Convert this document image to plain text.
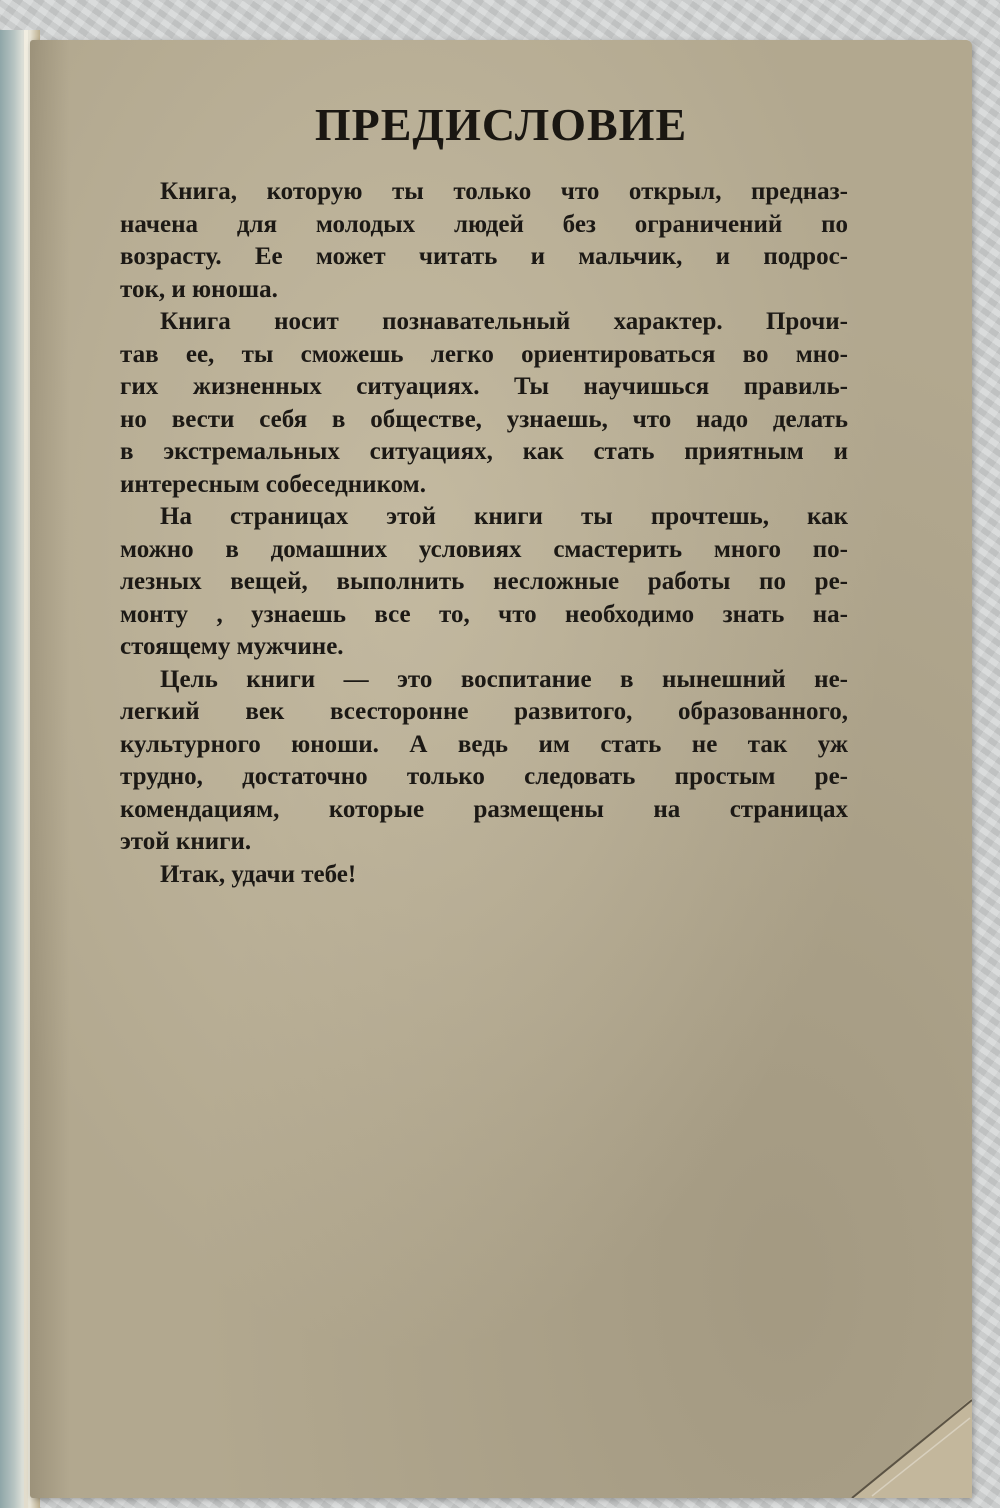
ПРЕДИСЛОВИЕ
Книга, которую ты только что открыл, предназ-
начена для молодых людей без ограничений по
возрасту. Ее может читать и мальчик, и подрос-
ток, и юноша.
Книга носит познавательный характер. Прочи-
тав ее, ты сможешь легко ориентироваться во мно-
гих жизненных ситуациях. Ты научишься правиль-
но вести себя в обществе, узнаешь, что надо делать
в экстремальных ситуациях, как стать приятным и
интересным собеседником.
На страницах этой книги ты прочтешь, как
можно в домашних условиях смастерить много по-
лезных вещей, выполнить несложные работы по ре-
монту , узнаешь все то, что необходимо знать на-
стоящему мужчине.
Цель книги — это воспитание в нынешний не-
легкий век всесторонне развитого, образованного,
культурного юноши. А ведь им стать не так уж
трудно, достаточно только следовать простым ре-
комендациям, которые размещены на страницах
этой книги.
Итак, удачи тебе!
